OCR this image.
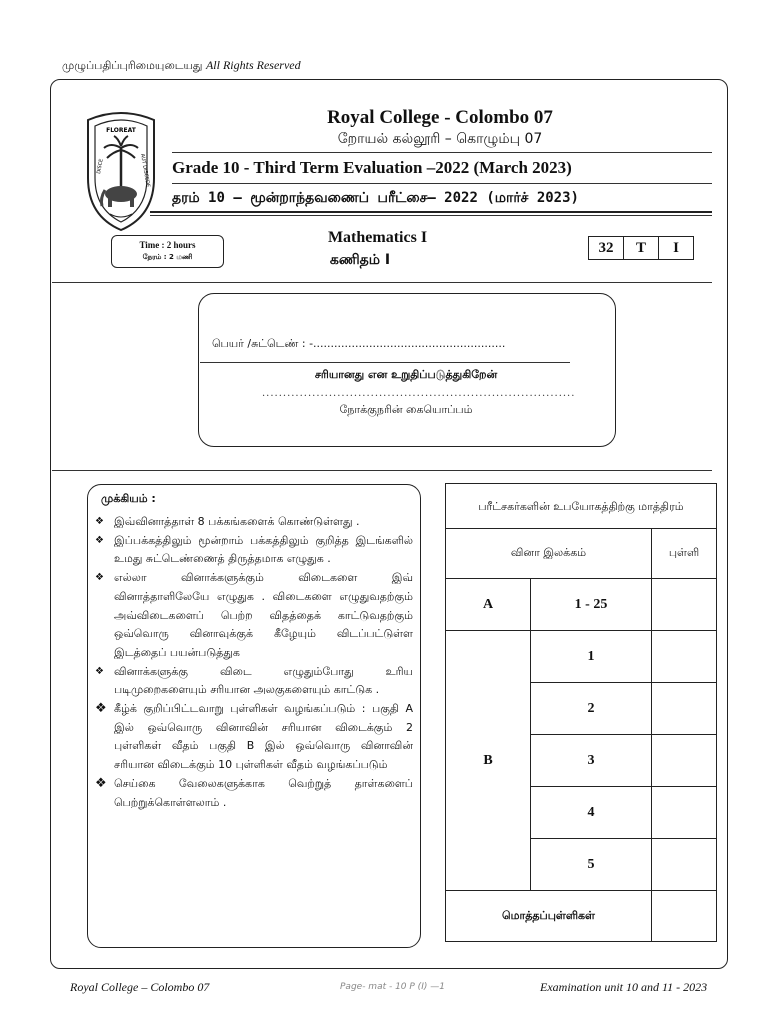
முழுப்பதிப்புரிமையுடையது All Rights Reserved
FLOREAT
DISCE	AUT DISCEDE
Royal College - Colombo 07
றோயல் கல்லூரி – கொழும்பு 07
Grade 10 - Third Term Evaluation –2022 (March 2023)
தரம் 10 – மூன்றாந்தவணைப் பரீட்சை– 2022 (மார்ச் 2023)
Time : 2 hours
நேரம் : 2 மணி
Mathematics I
கணிதம் I
32	T	I
பெயர் /சுட்டெண் : -.......................................................
சரியானது என உறுதிப்படுத்துகிறேன்
...........................................................................
நோக்குநரின் கையொப்பம்
முக்கியம் :
❖ இவ்வினாத்தாள் 8 பக்கங்களைக் கொண்டுள்ளது .
❖ இப்பக்கத்திலும் மூன்றாம் பக்கத்திலும் குறித்த இடங்களில் உமது சுட்டெண்ணைத் திருத்தமாக எழுதுக .
❖ எல்லா வினாக்களுக்கும் விடைகளை இவ் வினாத்தாளிலேயே எழுதுக . விடைகளை எழுதுவதற்கும் அவ்விடைகளைப் பெற்ற விதத்தைக் காட்டுவதற்கும் ஒவ்வொரு வினாவுக்குக் கீழேயும் விடப்பட்டுள்ள இடத்தைப் பயன்படுத்துக
❖ வினாக்களுக்கு விடை எழுதும்போது உரிய படிமுறைகளையும் சரியான அலகுகளையும் காட்டுக .
❖ கீழ்க் குறிப்பிட்டவாறு புள்ளிகள் வழங்கப்படும் : பகுதி A இல் ஒவ்வொரு வினாவின் சரியான விடைக்கும் 2 புள்ளிகள் வீதம் பகுதி B இல் ஒவ்வொரு வினாவின் சரியான விடைக்கும் 10 புள்ளிகள் வீதம் வழங்கப்படும்
❖ செய்கை வேலைகளுக்காக வெற்றுத் தாள்களைப் பெற்றுக்கொள்ளலாம் .
பரீட்சகர்களின் உபயோகத்திற்கு மாத்திரம்		
வினா இலக்கம்		புள்ளி
A	1 - 25	
B	1	
	2	
	3	
	4	
	5	
மொத்தப்புள்ளிகள்		
Royal College – Colombo 07	Page- mat - 10 P (I) —1	Examination unit 10 and 11 - 2023
